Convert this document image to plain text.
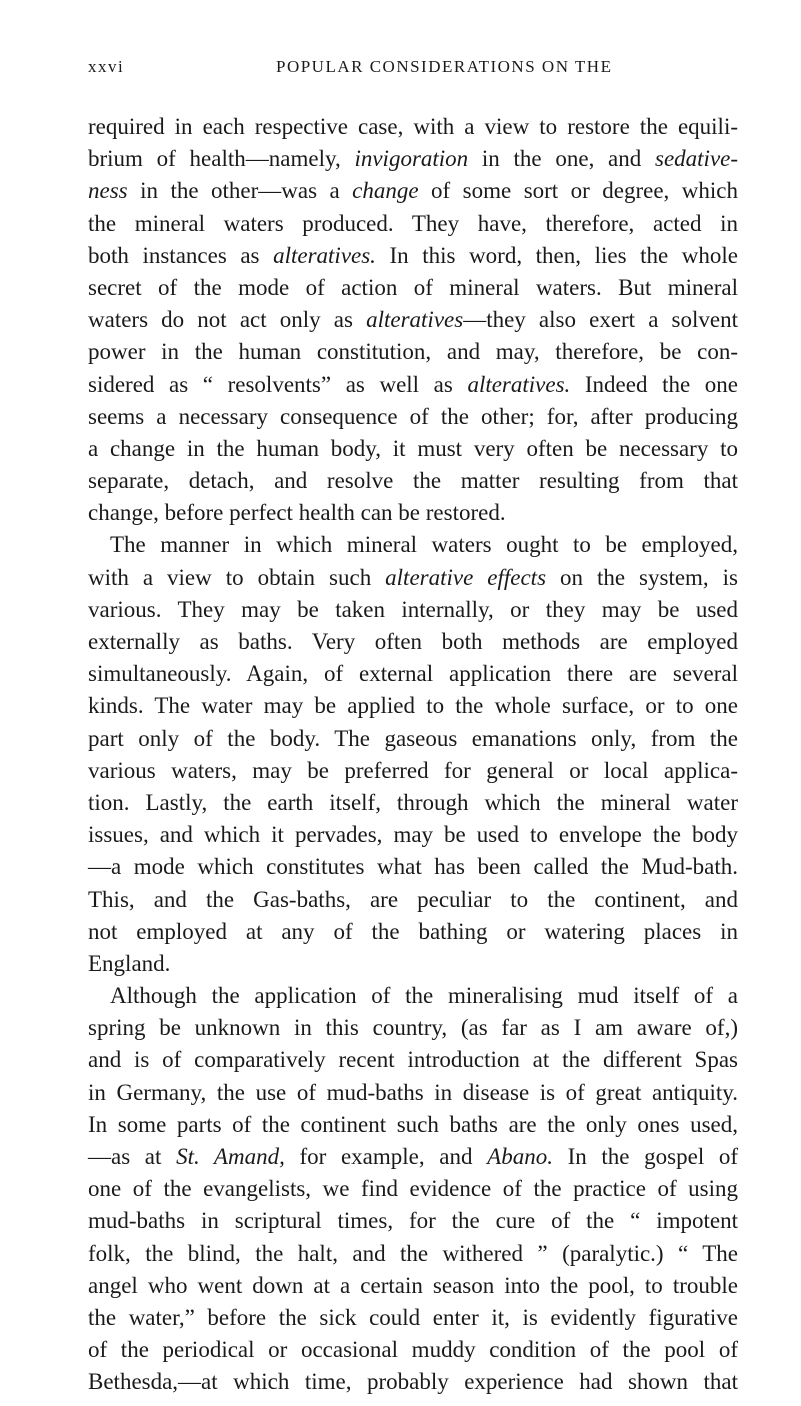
xxvi	POPULAR CONSIDERATIONS ON THE
required in each respective case, with a view to restore the equili-
brium of health—namely, invigoration in the one, and sedative-
ness in the other—was a change of some sort or degree, which
the mineral waters produced. They have, therefore, acted in
both instances as alteratives. In this word, then, lies the whole
secret of the mode of action of mineral waters. But mineral
waters do not act only as alteratives—they also exert a solvent
power in the human constitution, and may, therefore, be con-
sidered as “ resolvents” as well as alteratives. Indeed the one
seems a necessary consequence of the other; for, after producing
a change in the human body, it must very often be necessary to
separate, detach, and resolve the matter resulting from that
change, before perfect health can be restored.
The manner in which mineral waters ought to be employed,
with a view to obtain such alterative effects on the system, is
various. They may be taken internally, or they may be used
externally as baths. Very often both methods are employed
simultaneously. Again, of external application there are several
kinds. The water may be applied to the whole surface, or to one
part only of the body. The gaseous emanations only, from the
various waters, may be preferred for general or local applica-
tion. Lastly, the earth itself, through which the mineral water
issues, and which it pervades, may be used to envelope the body
—a mode which constitutes what has been called the Mud-bath.
This, and the Gas-baths, are peculiar to the continent, and
not employed at any of the bathing or watering places in
England.
Although the application of the mineralising mud itself of a
spring be unknown in this country, (as far as I am aware of,)
and is of comparatively recent introduction at the different Spas
in Germany, the use of mud-baths in disease is of great antiquity.
In some parts of the continent such baths are the only ones used,
—as at St. Amand, for example, and Abano. In the gospel of
one of the evangelists, we find evidence of the practice of using
mud-baths in scriptural times, for the cure of the “ impotent
folk, the blind, the halt, and the withered ” (paralytic.) “ The
angel who went down at a certain season into the pool, to trouble
the water,” before the sick could enter it, is evidently figurative
of the periodical or occasional muddy condition of the pool of
Bethesda,—at which time, probably experience had shown that
